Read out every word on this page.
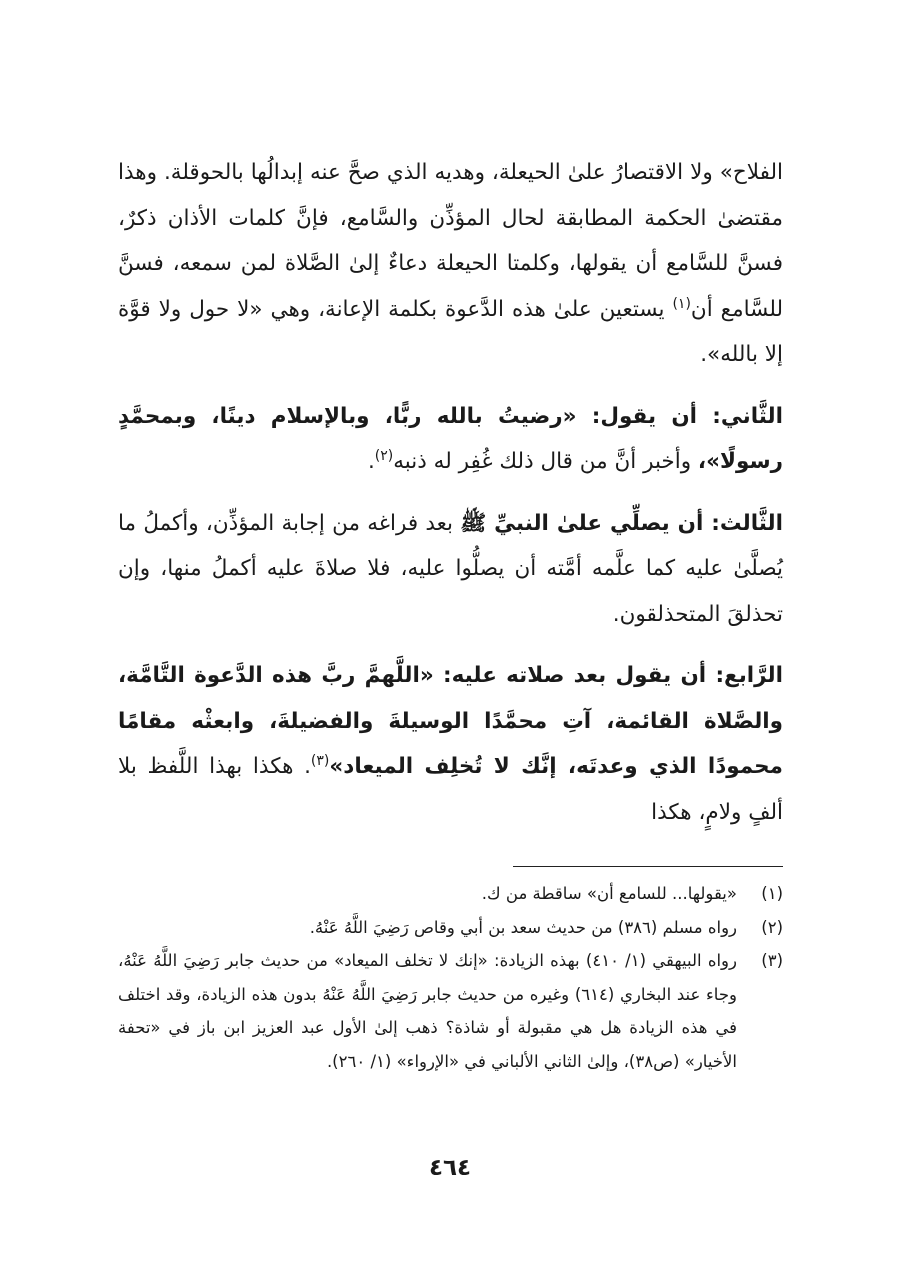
الفلاح» ولا الاقتصارُ علىٰ الحيعلة، وهديه الذي صحَّ عنه إبدالُها بالحوقلة. وهذا مقتضىٰ الحكمة المطابقة لحال المؤذِّن والسَّامع، فإنَّ كلمات الأذان ذكرٌ، فسنَّ للسَّامع أن يقولها، وكلمتا الحيعلة دعاءٌ إلىٰ الصَّلاة لمن سمعه، فسنَّ للسَّامع أن$^{(١)}$ يستعين علىٰ هذه الدَّعوة بكلمة الإعانة، وهي «لا حول ولا قوَّة إلا بالله».

الثَّاني: أن يقول: «رضيتُ بالله ربًّا، وبالإسلام دينًا، وبمحمَّدٍ رسولًا»، وأخبر أنَّ من قال ذلك غُفِر له ذنبه$^{(٢)}$.

الثَّالث: أن يصلِّي علىٰ النبيِّ ﷺ بعد فراغه من إجابة المؤذِّن، وأكملُ ما يُصلَّىٰ عليه كما علَّمه أمَّته أن يصلُّوا عليه، فلا صلاةَ عليه أكملُ منها، وإن تحذلقَ المتحذلقون.

الرَّابع: أن يقول بعد صلاته عليه: «اللَّهمَّ ربَّ هذه الدَّعوة التَّامَّة، والصَّلاة القائمة، آتِ محمَّدًا الوسيلةَ والفضيلةَ، وابعثْه مقامًا محمودًا الذي وعدتَه، إنَّك لا تُخلِف الميعاد»$^{(٣)}$. هكذا بهذا اللَّفظ بلا ألفٍ ولامٍ، هكذا

(١)
«يقولها... للسامع أن» ساقطة من ك.
(٢)
رواه مسلم (٣٨٦) من حديث سعد بن أبي وقاص رَضِيَ اللَّهُ عَنْهُ.
(٣)
رواه البيهقي (١/ ٤١٠) بهذه الزيادة: «إنك لا تخلف الميعاد» من حديث جابر رَضِيَ اللَّهُ عَنْهُ، وجاء عند البخاري (٦١٤) وغيره من حديث جابر رَضِيَ اللَّهُ عَنْهُ بدون هذه الزيادة، وقد اختلف في هذه الزيادة هل هي مقبولة أو شاذة؟ ذهب إلىٰ الأول عبد العزيز ابن باز في «تحفة الأخيار» (ص٣٨)، وإلىٰ الثاني الألباني في «الإرواء» (١/ ٢٦٠).
٤٦٤
